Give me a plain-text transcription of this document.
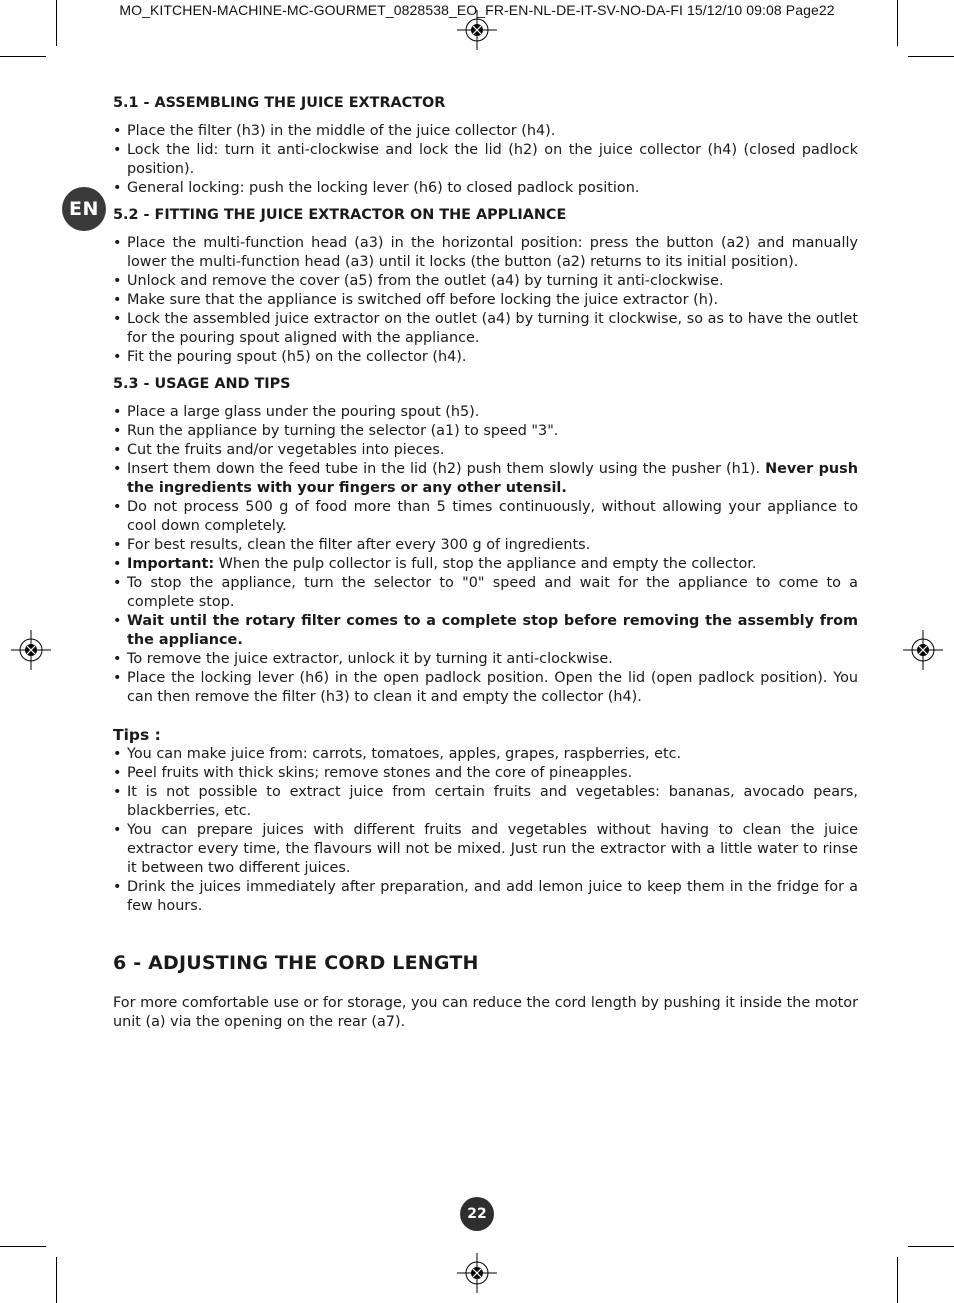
MO_KITCHEN-MACHINE-MC-GOURMET_0828538_EO_FR-EN-NL-DE-IT-SV-NO-DA-FI 15/12/10 09:08 Page22
EN
5.1 - ASSEMBLING THE JUICE EXTRACTOR
• Place the filter (h3) in the middle of the juice collector (h4).
• Lock the lid: turn it anti-clockwise and lock the lid (h2) on the juice collector (h4) (closed padlock position).
• General locking: push the locking lever (h6) to closed padlock position.
5.2 - FITTING THE JUICE EXTRACTOR ON THE APPLIANCE
• Place the multi-function head (a3) in the horizontal position: press the button (a2) and manually lower the multi-function head (a3) until it locks (the button (a2) returns to its initial position).
• Unlock and remove the cover (a5) from the outlet (a4) by turning it anti-clockwise.
• Make sure that the appliance is switched off before locking the juice extractor (h).
• Lock the assembled juice extractor on the outlet (a4) by turning it clockwise, so as to have the outlet for the pouring spout aligned with the appliance.
• Fit the pouring spout (h5) on the collector (h4).
5.3 - USAGE AND TIPS
• Place a large glass under the pouring spout (h5).
• Run the appliance by turning the selector (a1) to speed "3".
• Cut the fruits and/or vegetables into pieces.
• Insert them down the feed tube in the lid (h2) push them slowly using the pusher (h1). Never push the ingredients with your fingers or any other utensil.
• Do not process 500 g of food more than 5 times continuously, without allowing your appliance to cool down completely.
• For best results, clean the filter after every 300 g of ingredients.
• Important: When the pulp collector is full, stop the appliance and empty the collector.
• To stop the appliance, turn the selector to "0" speed and wait for the appliance to come to a complete stop.
• Wait until the rotary filter comes to a complete stop before removing the assembly from the appliance.
• To remove the juice extractor, unlock it by turning it anti-clockwise.
• Place the locking lever (h6) in the open padlock position. Open the lid (open padlock position). You can then remove the filter (h3) to clean it and empty the collector (h4).
Tips :
• You can make juice from: carrots, tomatoes, apples, grapes, raspberries, etc.
• Peel fruits with thick skins; remove stones and the core of pineapples.
• It is not possible to extract juice from certain fruits and vegetables: bananas, avocado pears, blackberries, etc.
• You can prepare juices with different fruits and vegetables without having to clean the juice extractor every time, the flavours will not be mixed. Just run the extractor with a little water to rinse it between two different juices.
• Drink the juices immediately after preparation, and add lemon juice to keep them in the fridge for a few hours.
6 - ADJUSTING THE CORD LENGTH

For more comfortable use or for storage, you can reduce the cord length by pushing it inside the motor unit (a) via the opening on the rear (a7).

22
